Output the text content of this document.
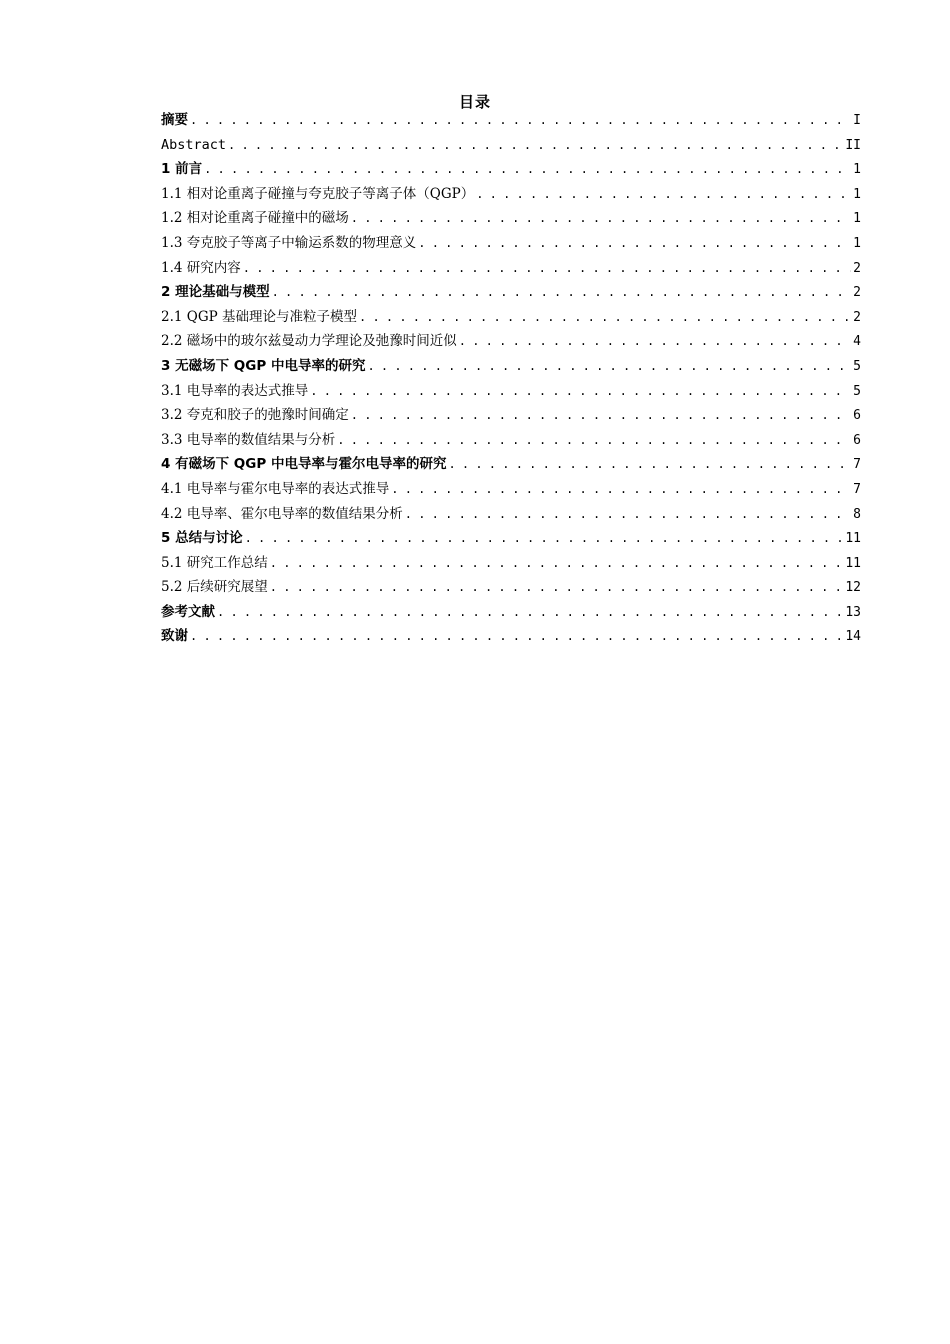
目录
摘要 . . .	I
Abstract . . .	II
1 前言 . . .	1
1.1 相对论重离子碰撞与夸克胶子等离子体（QGP） . . .	1
1.2 相对论重离子碰撞中的磁场 . . .	1
1.3 夸克胶子等离子中输运系数的物理意义 . . .	1
1.4 研究内容 . . .	2
2 理论基础与模型 . . .	2
2.1 QGP 基础理论与准粒子模型 . . .	2
2.2 磁场中的玻尔兹曼动力学理论及弛豫时间近似 . . .	4
3 无磁场下 QGP 中电导率的研究 . . .	5
3.1 电导率的表达式推导 . . .	5
3.2 夸克和胶子的弛豫时间确定 . . .	6
3.3 电导率的数值结果与分析 . . .	6
4 有磁场下 QGP 中电导率与霍尔电导率的研究 . . .	7
4.1 电导率与霍尔电导率的表达式推导 . . .	7
4.2 电导率、霍尔电导率的数值结果分析 . . .	8
5 总结与讨论 . . .	11
5.1 研究工作总结 . . .	11
5.2 后续研究展望 . . .	12
参考文献 . . .	13
致谢 . . .	14
